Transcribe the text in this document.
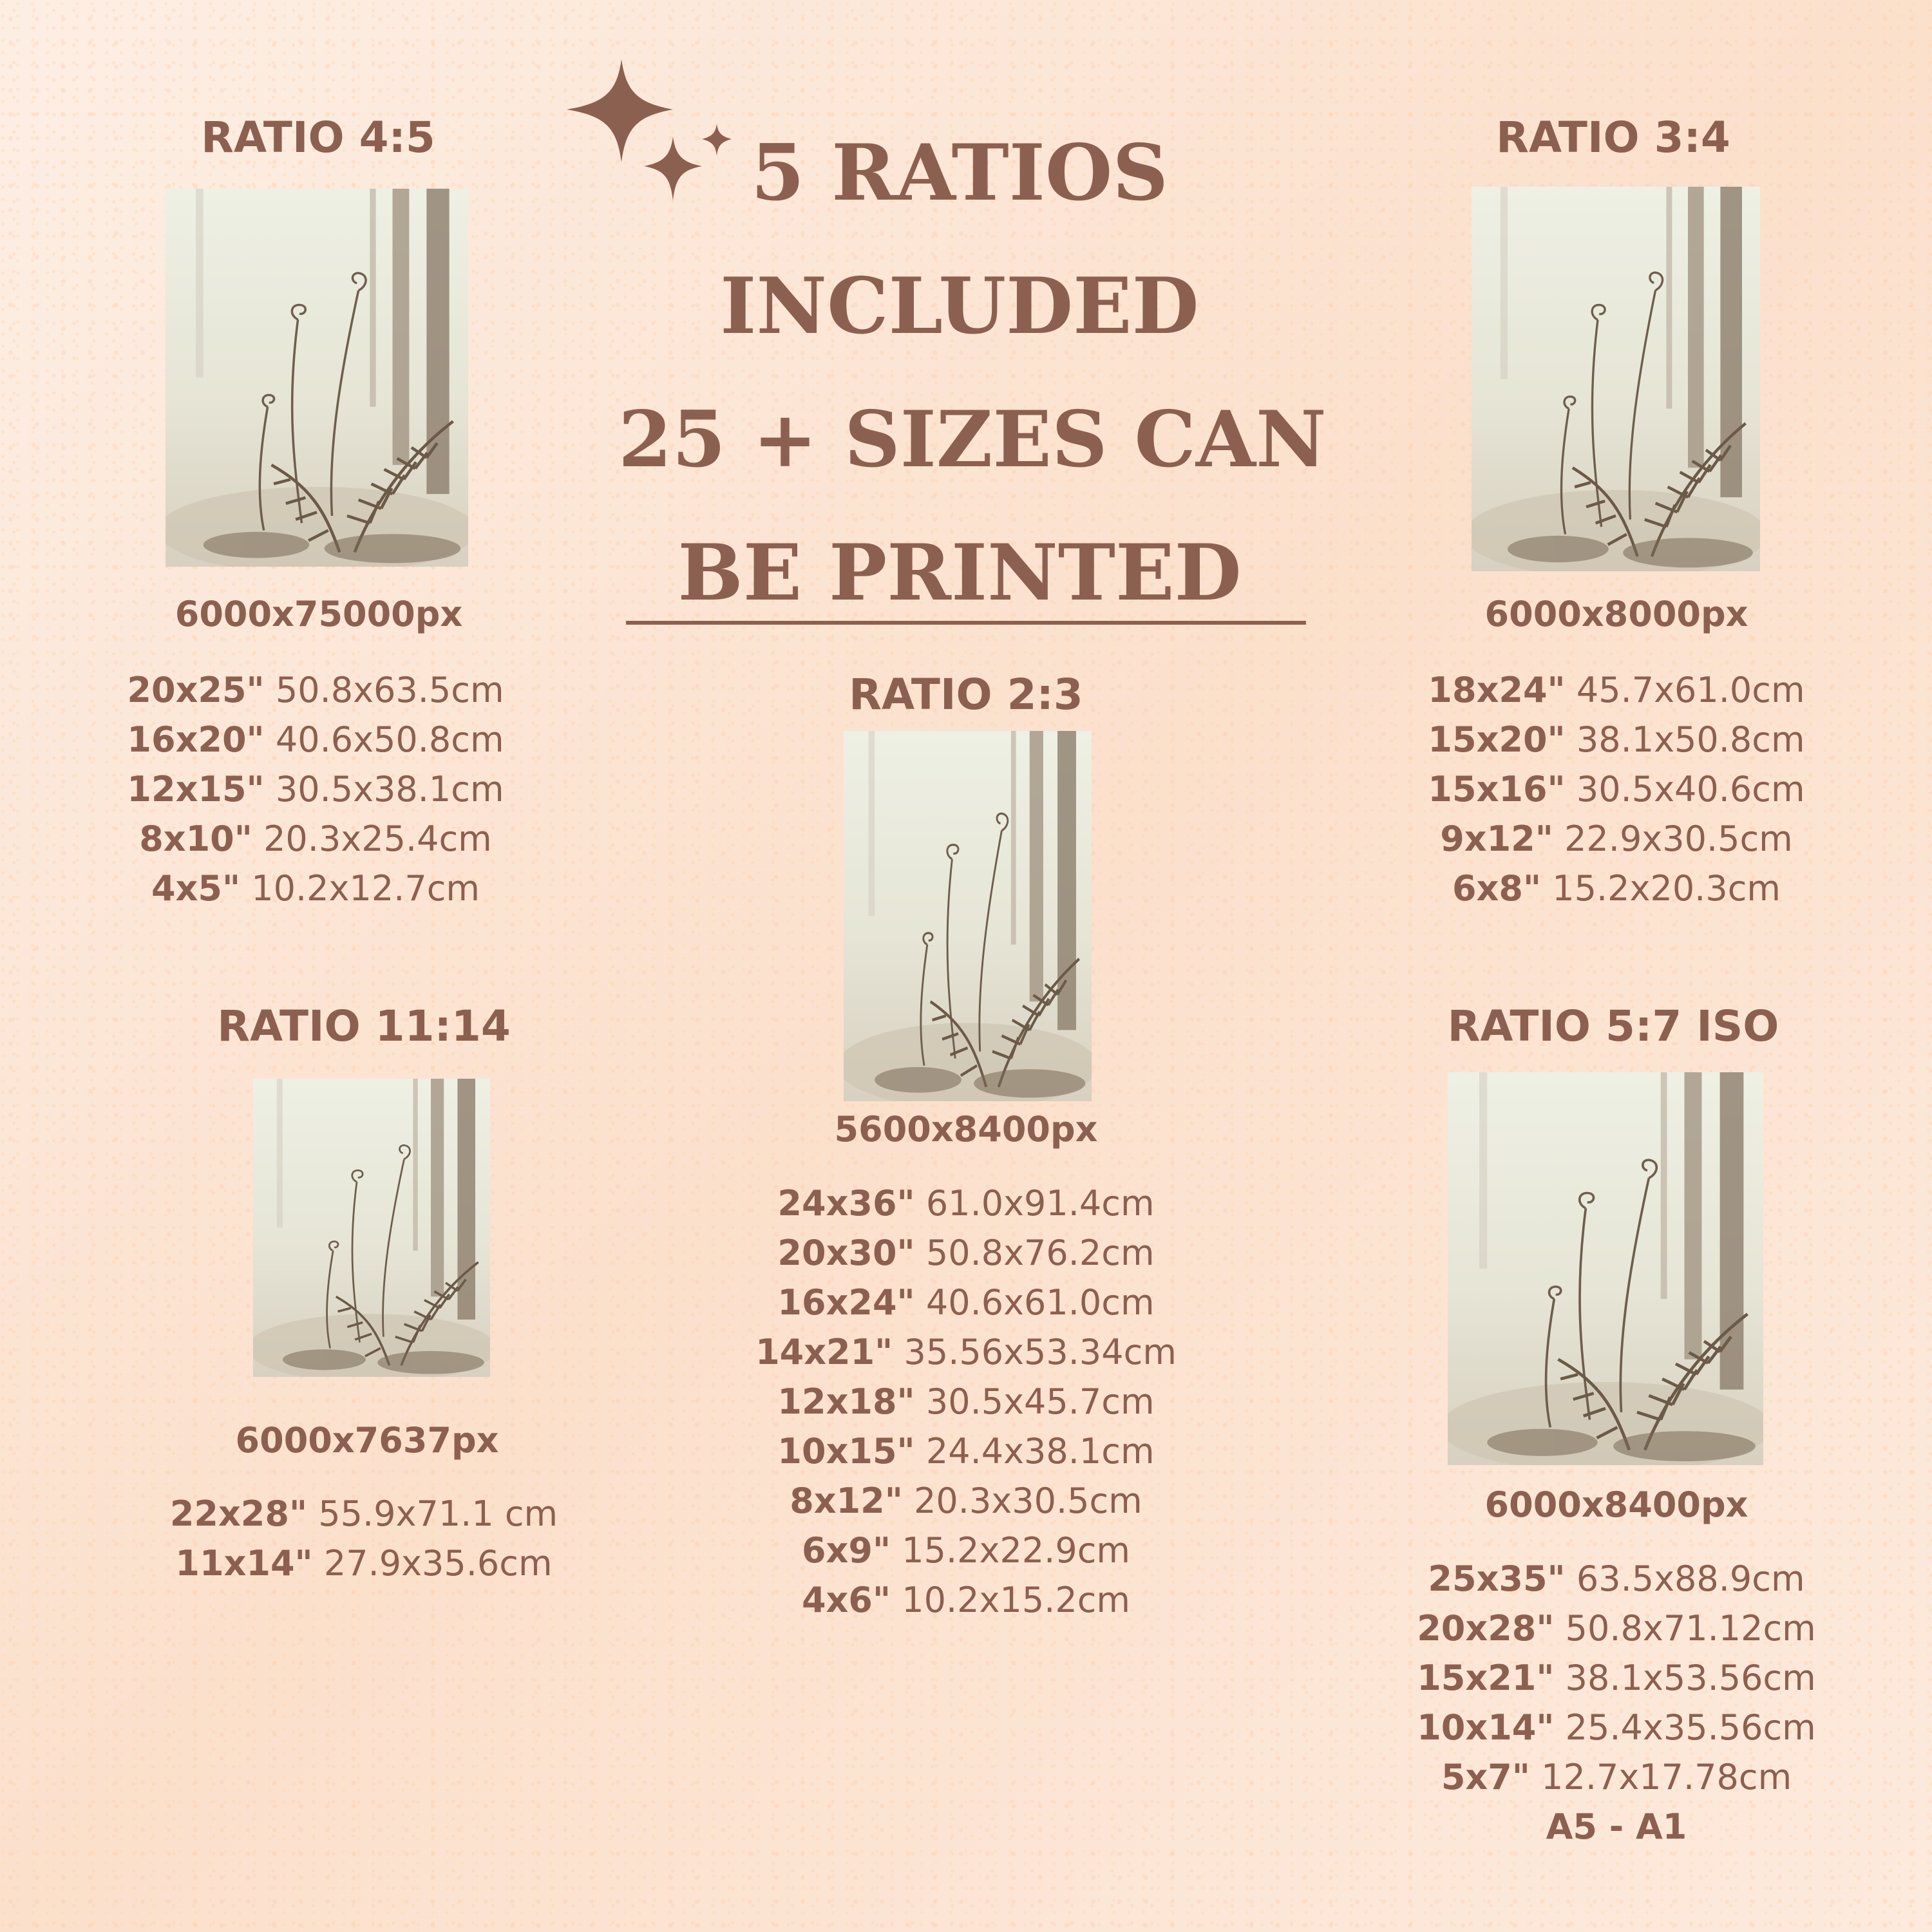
5 RATIOS
INCLUDED
25 + SIZES CAN
BE PRINTED
RATIO 4:5

6000x75000px

20x25" 50.8x63.5cm
16x20" 40.6x50.8cm
12x15" 30.5x38.1cm
8x10" 20.3x25.4cm
4x5" 10.2x12.7cm
RATIO 3:4

6000x8000px

18x24" 45.7x61.0cm
15x20" 38.1x50.8cm
15x16" 30.5x40.6cm
9x12" 22.9x30.5cm
6x8" 15.2x20.3cm
RATIO 2:3

5600x8400px

24x36" 61.0x91.4cm
20x30" 50.8x76.2cm
16x24" 40.6x61.0cm
14x21" 35.56x53.34cm
12x18" 30.5x45.7cm
10x15" 24.4x38.1cm
8x12" 20.3x30.5cm
6x9" 15.2x22.9cm
4x6" 10.2x15.2cm
RATIO 11:14

6000x7637px

22x28" 55.9x71.1 cm
11x14" 27.9x35.6cm
RATIO 5:7 ISO

6000x8400px

25x35" 63.5x88.9cm
20x28" 50.8x71.12cm
15x21" 38.1x53.56cm
10x14" 25.4x35.56cm
5x7" 12.7x17.78cm
A5 - A1
